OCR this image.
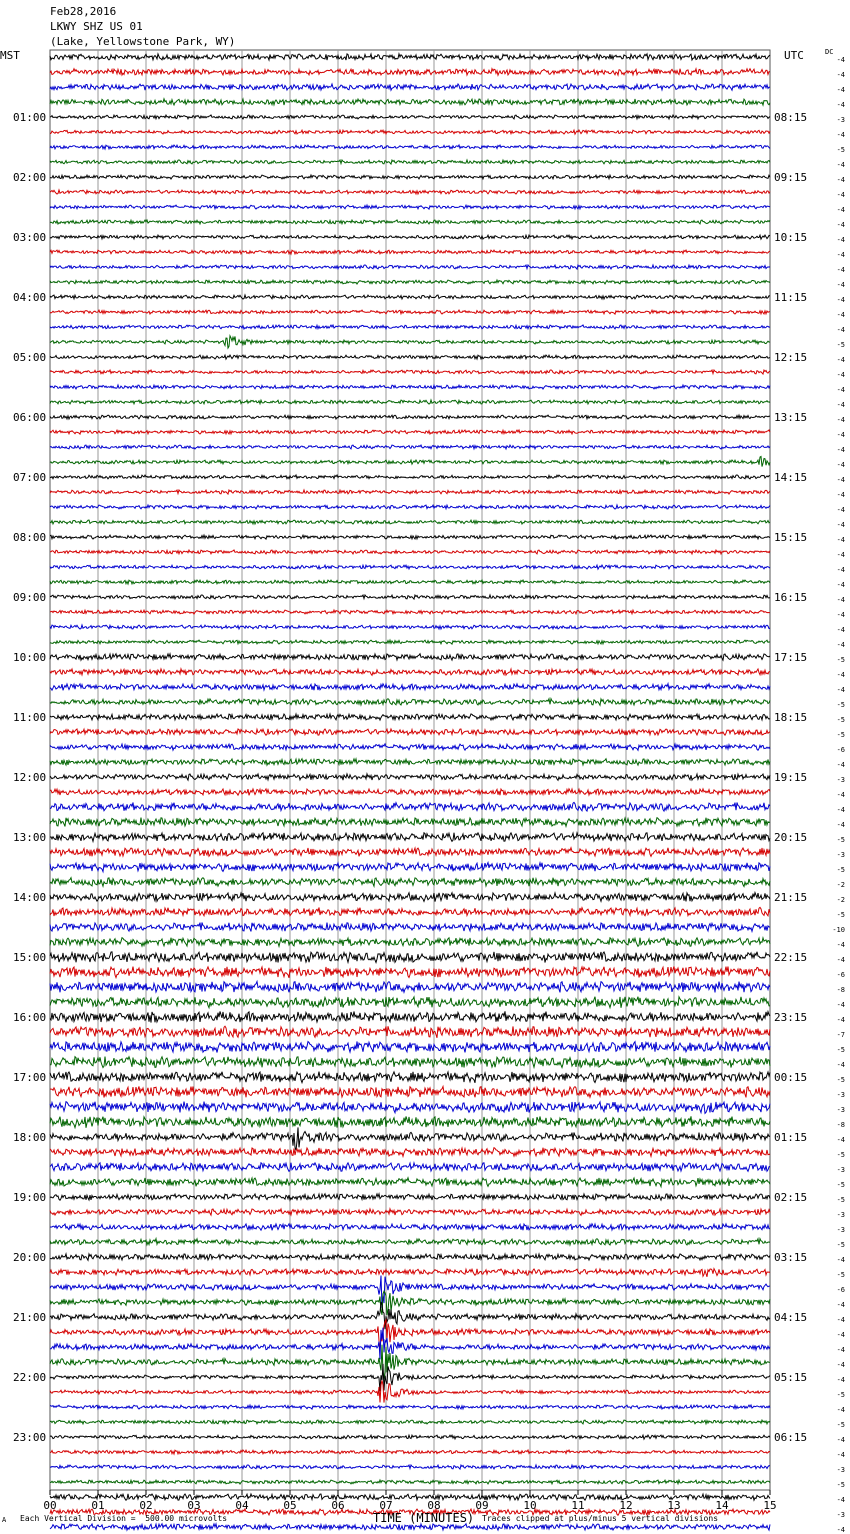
Feb28,2016
LKWY SHZ US 01
(Lake, Yellowstone Park, WY)
MST	UTC	DC
00	01	02	03	04	05	06	07	08	09	10	11	12	13	14	15
01:00
02:00
03:00
04:00
05:00
06:00
07:00
08:00
09:00
10:00
11:00
12:00
13:00
14:00
15:00
16:00
17:00
18:00
19:00
20:00
21:00
22:00
23:00
08:15
09:15
10:15
11:15
12:15
13:15
14:15
15:15
16:15
17:15
18:15
19:15
20:15
21:15
22:15
23:15
00:15
01:15
02:15
03:15
04:15
05:15
06:15
-4
-4
-4
-4
-3
-4
-5
-4
-4
-4
-4
-4
-4
-4
-4
-4
-4
-4
-4
-5
-4
-4
-4
-4
-4
-4
-4
-4
-4
-4
-4
-4
-4
-4
-4
-4
-4
-4
-4
-4
-5
-4
-4
-5
-5
-5
-6
-4
-3
-4
-4
-4
-5
-3
-5
-2
-2
-5
-10
-4
-4
-6
-8
-4
-4
-7
-5
-4
-5
-3
-3
-8
-4
-5
-3
-5
-5
-3
-3
-5
-4
-5
-6
-4
-4
-4
-4
-4
-4
-5
-4
-5
-4
-4
-3
-5
-4
-3
-4
Each Vertical Division =  500.00 microvolts	TIME (MINUTES) Traces clipped at plus/minus 5 vertical divisions
A
